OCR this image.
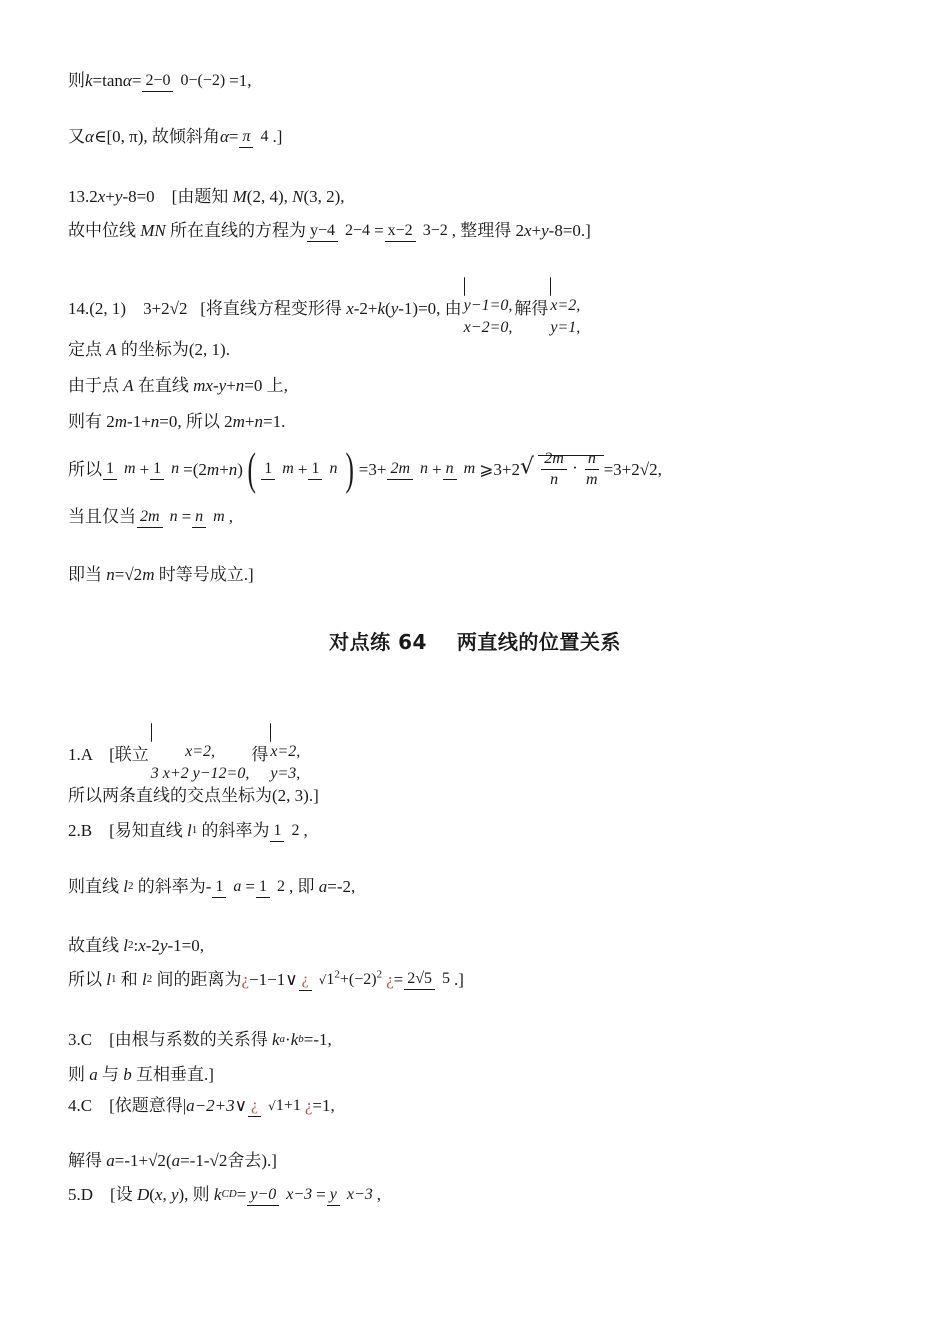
则 k =tan α = 2−0 0−(−2) =1,
又 α ∈[0, π), 故倾斜角 α = π 4 .]
13.2 x + y -8=0    [由题知 M (2, 4), N (3, 2),
故中位线 MN 所在直线的方程为 y−4 2−4 = x−2 3−2 , 整理得 2 x + y -8=0.]
14.(2, 1)    3+2 √2 [将直线方程变形得 x -2+ k ( y -1)=0, 由 y−1=0,
x−2=0,
解得 x=2,
y=1,
定点 A 的坐标为(2, 1).
由于点 A 在直线 mx - y + n =0 上,
则有 2 m -1+ n =0, 所以 2 m + n =1.
所以 1 m + 1 n =(2 m + n ) ( 1 m + 1 n ) =3+ 2m n + n m ⩾3+2 √ $\frac{2m}{n} \cdot \frac{n}{m} =3+2$ √2 ,
当且仅当 2m n = n m ,
即当 n = √2 m 时等号成立.]
对点练 64    两直线的位置关系
1.A    [联立 x=2,
3 x+2 y−12=0,
得 x=2,
y=3,
所以两条直线的交点坐标为(2, 3).]
2.B    [易知直线 l 1 的斜率为 1 2 ,
则直线 l 2 的斜率为- 1 a = 1 2 , 即 a =-2,
故直线 l 2 : x -2 y -1=0,
所以 l 1 和 l 2 间的距离为 ¿ −1−1∨ ¿ $√1^2+(-2)^2$ ¿ = 2√5 5 .]
3.C    [由根与系数的关系得 k a · k b =-1,
则 a 与 b 互相垂直.]
4.C    [依题意得 | a−2+3∨ ¿ √1+1 ¿ =1,
解得 a =-1+ √2 ( a =-1- √2 舍去).]
5.D    [设 D ( x , y ), 则 k CD = y−0 x−3 = y x−3 ,
